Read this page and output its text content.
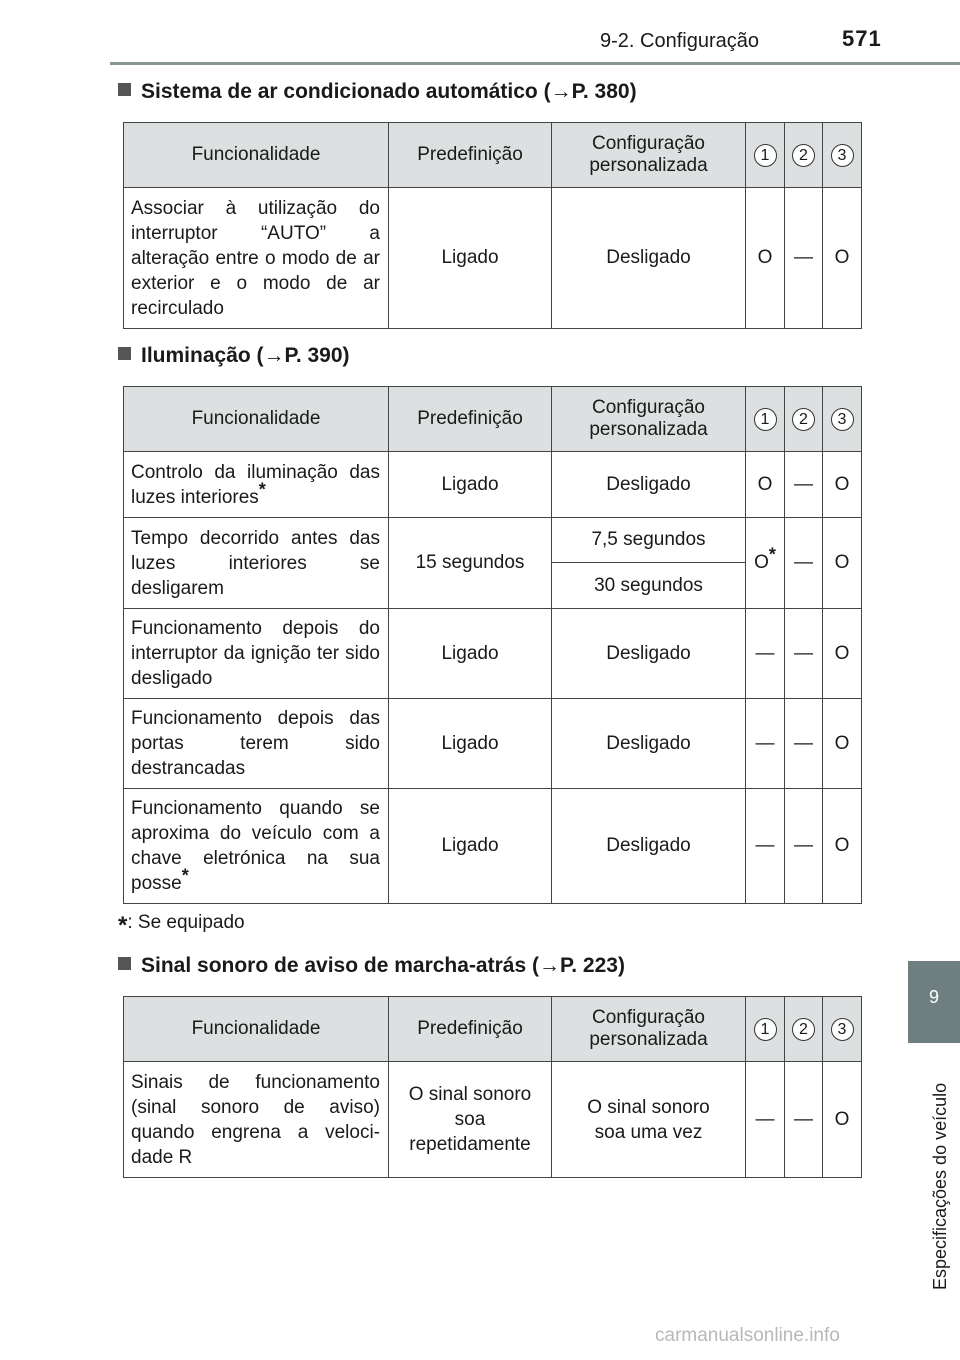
9-2. Configuração	571
9
Especificações do veículo
Sistema de ar condicionado automático (→P. 380)
Funcionalidade	Predefinição	Configuração personalizada	1	2	3
Associar à utilização do interruptor “AUTO” a alteração entre o modo de ar exterior e o modo de ar recirculado	Ligado	Desligado	O	—	O
Iluminação (→P. 390)
Funcionalidade	Predefinição	Configuração personalizada	1	2	3
Controlo da iluminação das luzes interiores*	Ligado	Desligado	O	—	O
Tempo decorrido antes das luzes interiores se desligarem	15 segundos	7,5 segundos	O*	—	O
		30 segundos			
Funcionamento depois do interruptor da ignição ter sido desligado	Ligado	Desligado	—	—	O
Funcionamento depois das portas terem sido destrancadas	Ligado	Desligado	—	—	O
Funcionamento quando se aproxima do veículo com a chave eletrónica na sua posse*	Ligado	Desligado	—	—	O
*: Se equipado
Sinal sonoro de aviso de marcha-atrás (→P. 223)
Funcionalidade	Predefinição	Configuração personalizada	1	2	3
Sinais de funcionamento (sinal sonoro de aviso) quando engrena a veloci-dade R	O sinal sonoro soa repetidamente	O sinal sonoro soa uma vez	—	—	O
carmanualsonline.info
